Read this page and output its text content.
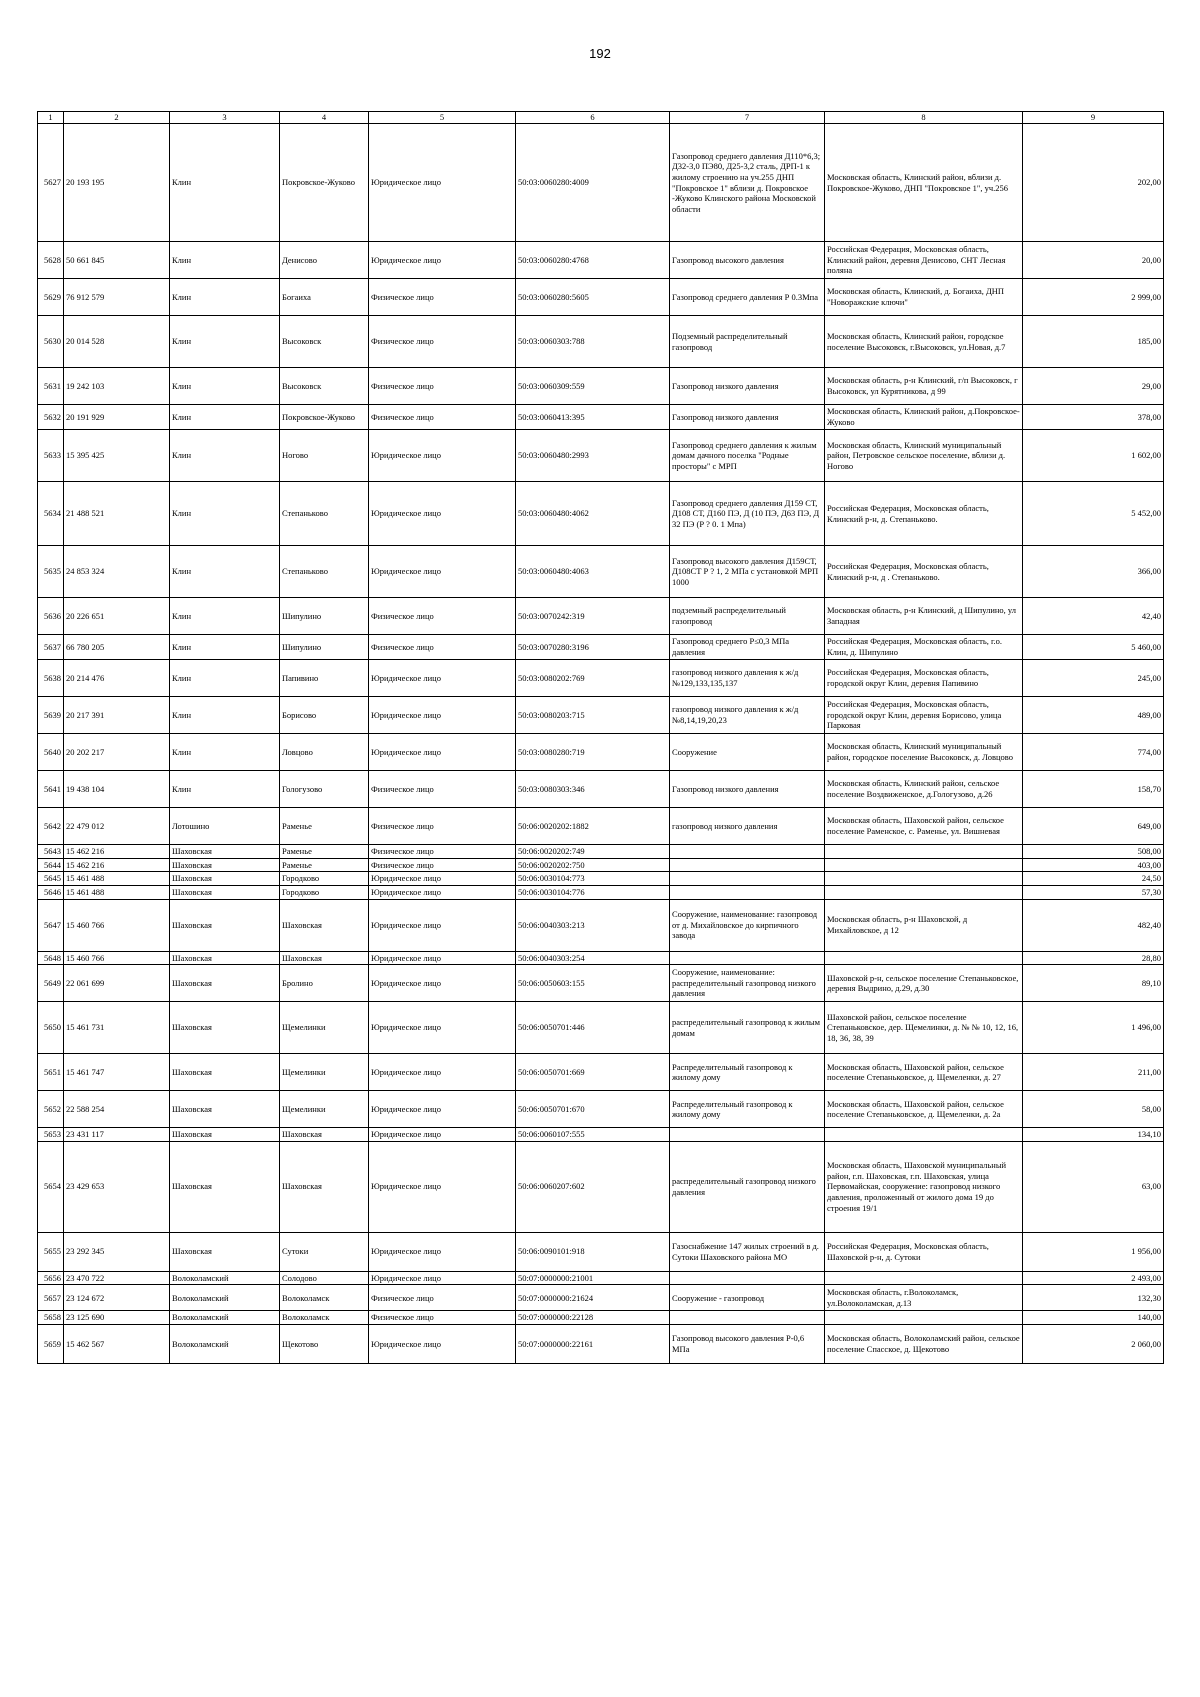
192
1	2	3	4	5	6	7	8	9
5627	20 193 195	Клин	Покровское-Жуково	Юридическое лицо	50:03:0060280:4009	Газопровод среднего давления Д110*6,3; Д32-3,0 ПЭ80, Д25-3,2 сталь, ДРП-1 к жилому строению на уч.255 ДНП "Покровское 1" вблизи д. Покровское -Жуково Клинского района Московской области	Московская область, Клинский район, вблизи д. Покровское-Жуково, ДНП "Покровское 1", уч.256	202,00
5628	50 661 845	Клин	Денисово	Юридическое лицо	50:03:0060280:4768	Газопровод высокого давления	Российская Федерация, Московская область, Клинский район, деревня Денисово, СНТ Лесная поляна	20,00
5629	76 912 579	Клин	Богаиха	Физическое лицо	50:03:0060280:5605	Газопровод среднего давления Р 0.3Мпа	Московская область, Клинский, д. Богаиха, ДНП "Новоражские ключи"	2 999,00
5630	20 014 528	Клин	Высоковск	Физическое лицо	50:03:0060303:788	Подземный распределительный газопровод	Московская область, Клинский район, городское поселение Высоковск, г.Высоковск, ул.Новая, д.7	185,00
5631	19 242 103	Клин	Высоковск	Физическое лицо	50:03:0060309:559	Газопровод низкого давления	Московская область, р-н Клинский, г/п Высоковск, г Высоковск, ул Курятникова, д 99	29,00
5632	20 191 929	Клин	Покровское-Жуково	Физическое лицо	50:03:0060413:395	Газопровод низкого давления	Московская область, Клинский район, д.Покровское-Жуково	378,00
5633	15 395 425	Клин	Ногово	Юридическое лицо	50:03:0060480:2993	Газопровод среднего давления к жилым домам дачного поселка "Родные просторы" с МРП	Московская область, Клинский муниципальный район, Петровское сельское поселение, вблизи д. Ногово	1 602,00
5634	21 488 521	Клин	Степаньково	Юридическое лицо	50:03:0060480:4062	Газопровод среднего давления Д159 СТ, Д108 СТ, Д160 ПЭ, Д (10 ПЭ, Д63 ПЭ, Д 32 ПЭ (Р ? 0. 1 Мпа)	Российская Федерация, Московская область, Клинский р-н, д. Степаньково.	5 452,00
5635	24 853 324	Клин	Степаньково	Юридическое лицо	50:03:0060480:4063	Газопровод высокого давления Д159СТ, Д108СТ Р ? 1, 2 МПа с установкой МРП 1000	Российская Федерация, Московская область, Клинский р-н, д . Степаньково.	366,00
5636	20 226 651	Клин	Шипулино	Физическое лицо	50:03:0070242:319	подземный распределительный газопровод	Московская область, р-н Клинский, д Шипулино, ул Западная	42,40
5637	66 780 205	Клин	Шипулино	Физическое лицо	50:03:0070280:3196	Газопровод среднего Р≤0,3 МПа давления	Российская Федерация, Московская область, г.о. Клин, д. Шипулино	5 460,00
5638	20 214 476	Клин	Папивино	Юридическое лицо	50:03:0080202:769	газопровод низкого давления к ж/д №129,133,135,137	Российская Федерация, Московская область, городской округ Клин, деревня Папивино	245,00
5639	20 217 391	Клин	Борисово	Юридическое лицо	50:03:0080203:715	газопровод низкого давления к ж/д №8,14,19,20,23	Российская Федерация, Московская область, городской округ Клин, деревня Борисово, улица Парковая	489,00
5640	20 202 217	Клин	Ловцово	Юридическое лицо	50:03:0080280:719	Сооружение	Московская область, Клинский муниципальный район, городское поселение Высоковск, д. Ловцово	774,00
5641	19 438 104	Клин	Гологузово	Физическое лицо	50:03:0080303:346	Газопровод низкого давления	Московская область, Клинский район, сельское поселение Воздвиженское, д.Гологузово, д.26	158,70
5642	22 479 012	Лотошино	Раменье	Физическое лицо	50:06:0020202:1882	газопровод низкого давления	Московская область, Шаховской район, сельское поселение Раменское, с. Раменье, ул. Вишневая	649,00
5643	15 462 216	Шаховская	Раменье	Физическое лицо	50:06:0020202:749			508,00
5644	15 462 216	Шаховская	Раменье	Физическое лицо	50:06:0020202:750			403,00
5645	15 461 488	Шаховская	Городково	Юридическое лицо	50:06:0030104:773			24,50
5646	15 461 488	Шаховская	Городково	Юридическое лицо	50:06:0030104:776			57,30
5647	15 460 766	Шаховская	Шаховская	Юридическое лицо	50:06:0040303:213	Сооружение, наименование: газопровод от д. Михайловское до кирпичного завода	Московская область, р-н Шаховской, д Михайловское, д 12	482,40
5648	15 460 766	Шаховская	Шаховская	Юридическое лицо	50:06:0040303:254			28,80
5649	22 061 699	Шаховская	Бролино	Юридическое лицо	50:06:0050603:155	Сооружение, наименование: распределительный газопровод низкого давления	Шаховской р-н, сельское поселение Степаньковское, деревня Выдрино, д.29, д.30	89,10
5650	15 461 731	Шаховская	Щемелинки	Юридическое лицо	50:06:0050701:446	распределительный газопровод к жилым домам	Шаховской район, сельское поселение Степаньковское, дер. Щемелинки, д. № № 10, 12, 16, 18, 36, 38, 39	1 496,00
5651	15 461 747	Шаховская	Щемелинки	Юридическое лицо	50:06:0050701:669	Распределительный газопровод к жилому дому	Московская область, Шаховской район, сельское поселение Степаньковское, д. Щемеленки, д. 27	211,00
5652	22 588 254	Шаховская	Щемелинки	Юридическое лицо	50:06:0050701:670	Распределительный газопровод к жилому дому	Московская область, Шаховской район, сельское поселение Степаньковское, д. Щемеленки, д. 2а	58,00
5653	23 431 117	Шаховская	Шаховская	Юридическое лицо	50:06:0060107:555			134,10
5654	23 429 653	Шаховская	Шаховская	Юридическое лицо	50:06:0060207:602	распределительный газопровод низкого давления	Московская область, Шаховской муниципальный район, г.п. Шаховская, г.п. Шаховская, улица Первомайская, сооружение: газопровод низкого давления, проложенный от жилого дома 19 до строения 19/1	63,00
5655	23 292 345	Шаховская	Сутоки	Юридическое лицо	50:06:0090101:918	Газоснабжение 147 жилых строений в д. Сутоки Шаховского района МО	Российская Федерация, Московская область, Шаховской р-н, д. Сутоки	1 956,00
5656	23 470 722	Волоколамский	Солодово	Юридическое лицо	50:07:0000000:21001			2 493,00
5657	23 124 672	Волоколамский	Волоколамск	Физическое лицо	50:07:0000000:21624	Сооружение - газопровод	Московская область, г.Волоколамск, ул.Волоколамская, д.13	132,30
5658	23 125 690	Волоколамский	Волоколамск	Физическое лицо	50:07:0000000:22128			140,00
5659	15 462 567	Волоколамский	Щекотово	Юридическое лицо	50:07:0000000:22161	Газопровод высокого давления Р-0,6 МПа	Московская область, Волоколамский район, сельское поселение Спасское, д. Щекотово	2 060,00
